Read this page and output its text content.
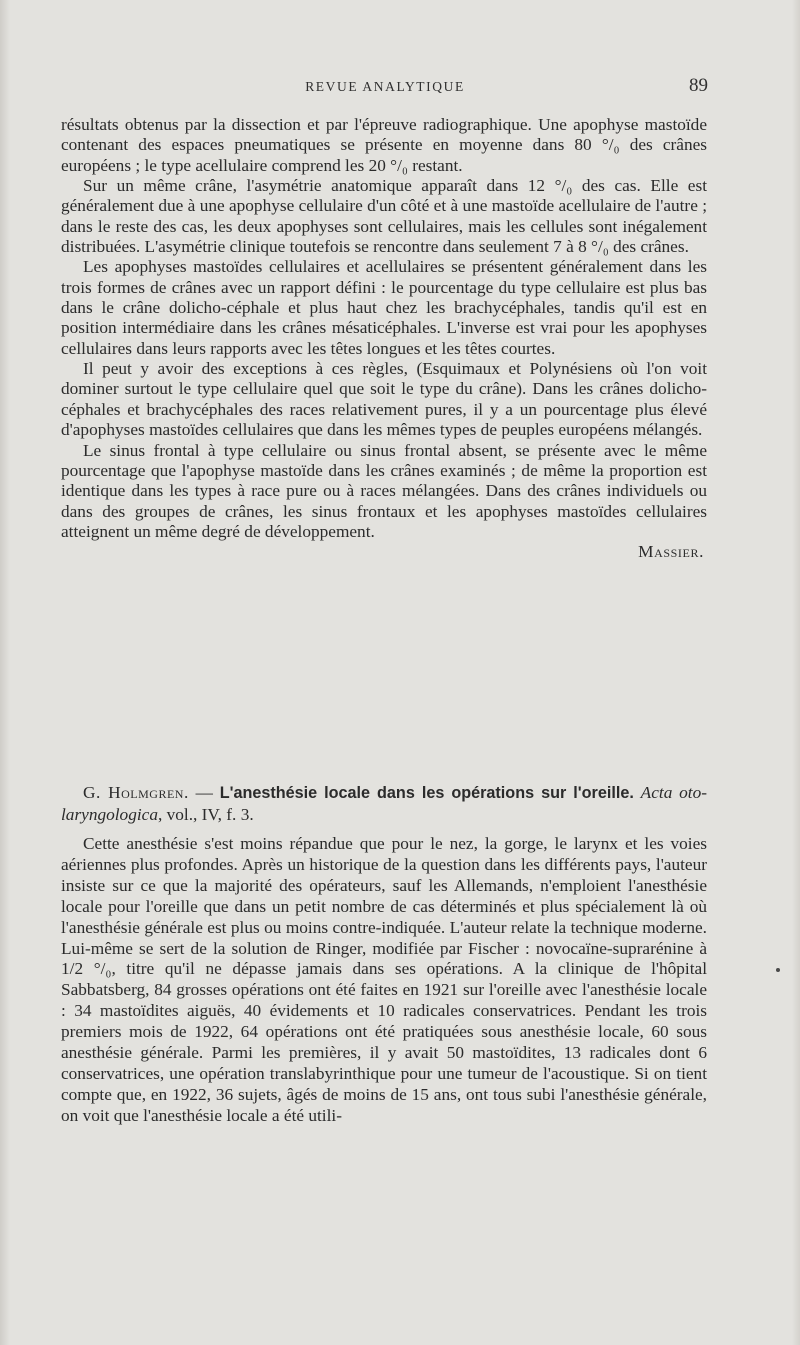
REVUE ANALYTIQUE	89

résultats obtenus par la dissection et par l'épreuve radiographique. Une apophyse mastoïde contenant des espaces pneumatiques se présente en moyenne dans 80 °/₀ des crânes européens ; le type acellulaire comprend les 20 °/₀ restant.

Sur un même crâne, l'asymétrie anatomique apparaît dans 12 °/₀ des cas. Elle est généralement due à une apophyse cellulaire d'un côté et à une mastoïde acellulaire de l'autre ; dans le reste des cas, les deux apophyses sont cellulaires, mais les cellules sont inégalement distribuées. L'asymétrie clinique toutefois se rencontre dans seulement 7 à 8 °/₀ des crânes.

Les apophyses mastoïdes cellulaires et acellulaires se présentent généralement dans les trois formes de crânes avec un rapport défini : le pourcentage du type cellulaire est plus bas dans le crâne dolicho-céphale et plus haut chez les brachycéphales, tandis qu'il est en position intermédiaire dans les crânes mésaticéphales. L'inverse est vrai pour les apophyses cellulaires dans leurs rapports avec les têtes longues et les têtes courtes.

Il peut y avoir des exceptions à ces règles, (Esquimaux et Polynésiens où l'on voit dominer surtout le type cellulaire quel que soit le type du crâne). Dans les crânes dolicho-céphales et brachycéphales des races relativement pures, il y a un pourcentage plus élevé d'apophyses mastoïdes cellulaires que dans les mêmes types de peuples européens mélangés.

Le sinus frontal à type cellulaire ou sinus frontal absent, se présente avec le même pourcentage que l'apophyse mastoïde dans les crânes examinés ; de même la proportion est identique dans les types à race pure ou à races mélangées. Dans des crânes individuels ou dans des groupes de crânes, les sinus frontaux et les apophyses mastoïdes cellulaires atteignent un même degré de développement.

Massier.
G. Holmgren. — L'anesthésie locale dans les opérations sur l'oreille. Acta oto-laryngologica, vol., IV, f. 3.

Cette anesthésie s'est moins répandue que pour le nez, la gorge, le larynx et les voies aériennes plus profondes. Après un historique de la question dans les différents pays, l'auteur insiste sur ce que la majorité des opérateurs, sauf les Allemands, n'emploient l'anesthésie locale pour l'oreille que dans un petit nombre de cas déterminés et plus spécialement là où l'anesthésie générale est plus ou moins contre-indiquée. L'auteur relate la technique moderne. Lui-même se sert de la solution de Ringer, modifiée par Fischer : novocaïne-suprarénine à 1/2 °/₀, titre qu'il ne dépasse jamais dans ses opérations. A la clinique de l'hôpital Sabbatsberg, 84 grosses opérations ont été faites en 1921 sur l'oreille avec l'anesthésie locale : 34 mastoïdites aiguës, 40 évidements et 10 radicales conservatrices. Pendant les trois premiers mois de 1922, 64 opérations ont été pratiquées sous anesthésie locale, 60 sous anesthésie générale. Parmi les premières, il y avait 50 mastoïdites, 13 radicales dont 6 conservatrices, une opération translabyrinthique pour une tumeur de l'acoustique. Si on tient compte que, en 1922, 36 sujets, âgés de moins de 15 ans, ont tous subi l'anesthésie générale, on voit que l'anesthésie locale a été utili-
